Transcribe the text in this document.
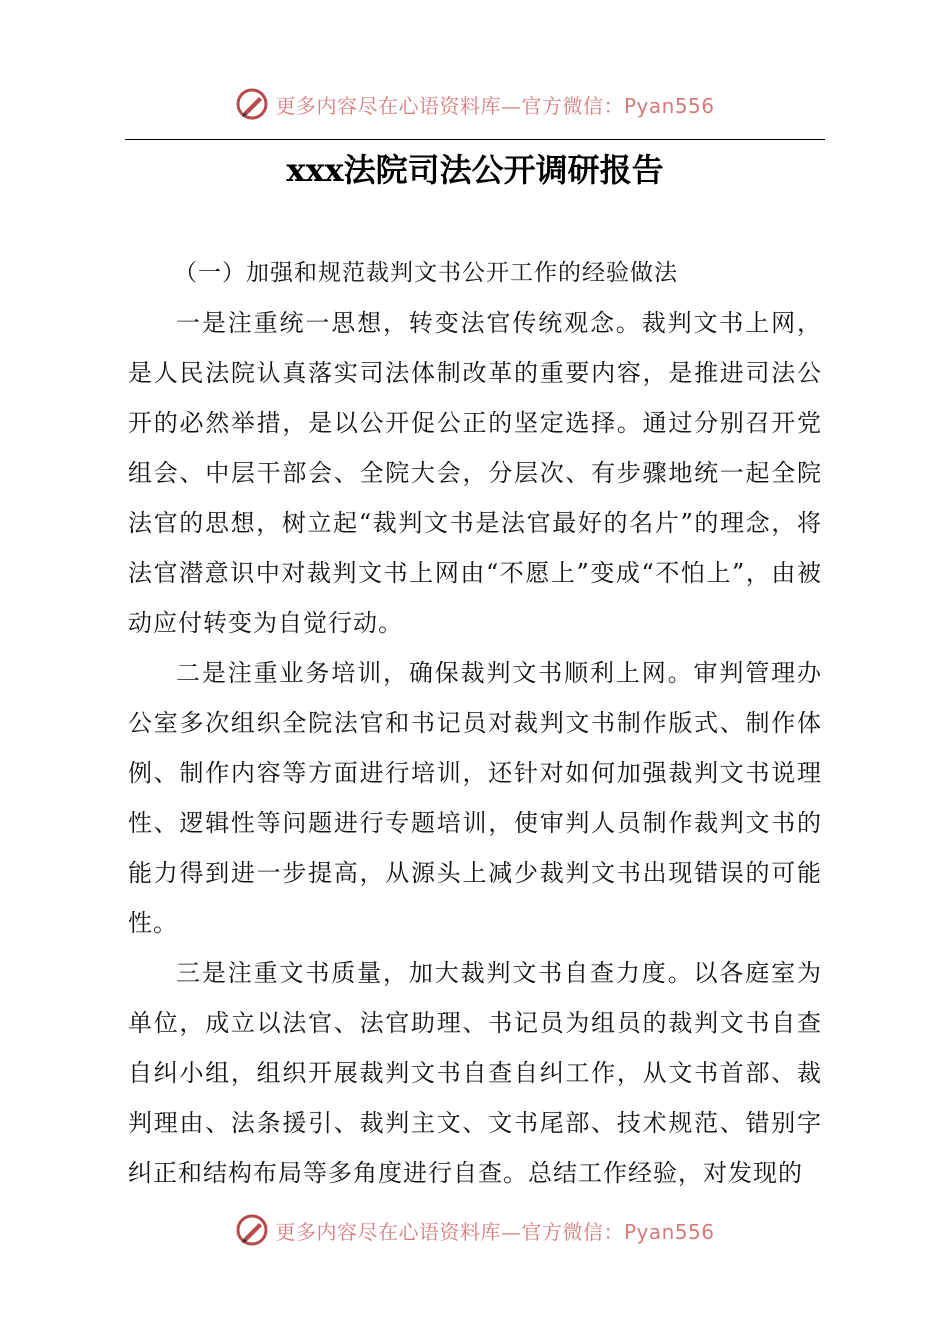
更多内容尽在心语资料库—官方微信：Pyan556
xxx法院司法公开调研报告

（一）加强和规范裁判文书公开工作的经验做法

一是注重统一思想，转变法官传统观念。裁判文书上网，是人民法院认真落实司法体制改革的重要内容，是推进司法公开的必然举措，是以公开促公正的坚定选择。通过分别召开党组会、中层干部会、全院大会，分层次、有步骤地统一起全院法官的思想，树立起“裁判文书是法官最好的名片”的理念，将法官潜意识中对裁判文书上网由“不愿上”变成“不怕上”，由被动应付转变为自觉行动。

二是注重业务培训，确保裁判文书顺利上网。审判管理办公室多次组织全院法官和书记员对裁判文书制作版式、制作体例、制作内容等方面进行培训，还针对如何加强裁判文书说理性、逻辑性等问题进行专题培训，使审判人员制作裁判文书的能力得到进一步提高，从源头上减少裁判文书出现错误的可能性。

三是注重文书质量，加大裁判文书自查力度。以各庭室为单位，成立以法官、法官助理、书记员为组员的裁判文书自查自纠小组，组织开展裁判文书自查自纠工作，从文书首部、裁判理由、法条援引、裁判主文、文书尾部、技术规范、错别字纠正和结构布局等多角度进行自查。总结工作经验，对发现的

更多内容尽在心语资料库—官方微信：Pyan556
